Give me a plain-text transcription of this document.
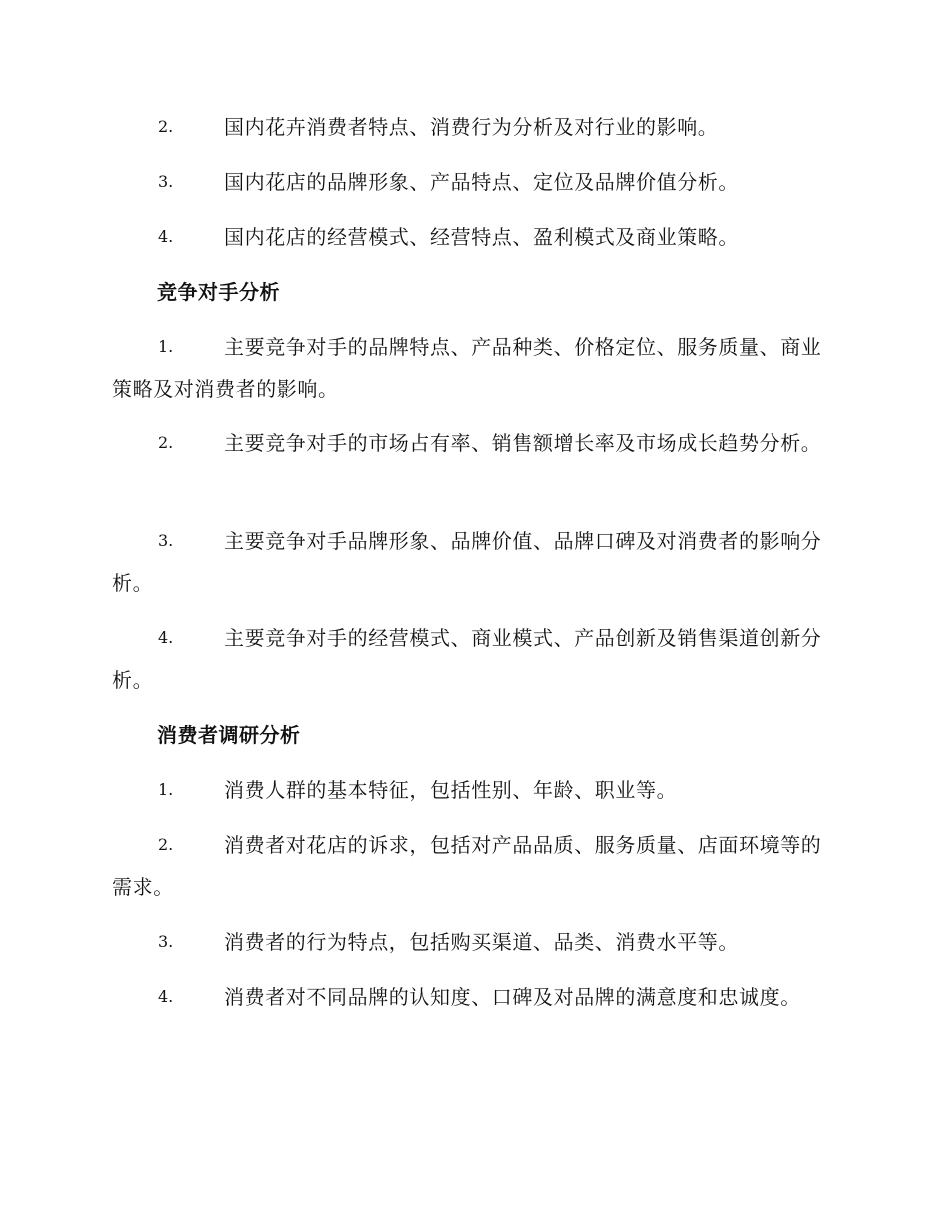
2.	国内花卉消费者特点、消费行为分析及对行业的影响。
3.	国内花店的品牌形象、产品特点、定位及品牌价值分析。
4.	国内花店的经营模式、经营特点、盈利模式及商业策略。
竞争对手分析
1.	主要竞争对手的品牌特点、产品种类、价格定位、服务质量、商业策略及对消费者的影响。
2.	主要竞争对手的市场占有率、销售额增长率及市场成长趋势分析。
3.	主要竞争对手品牌形象、品牌价值、品牌口碑及对消费者的影响分析。
4.	主要竞争对手的经营模式、商业模式、产品创新及销售渠道创新分析。
消费者调研分析
1.	消费人群的基本特征，包括性别、年龄、职业等。
2.	消费者对花店的诉求，包括对产品品质、服务质量、店面环境等的需求。
3.	消费者的行为特点，包括购买渠道、品类、消费水平等。
4.	消费者对不同品牌的认知度、口碑及对品牌的满意度和忠诚度。
